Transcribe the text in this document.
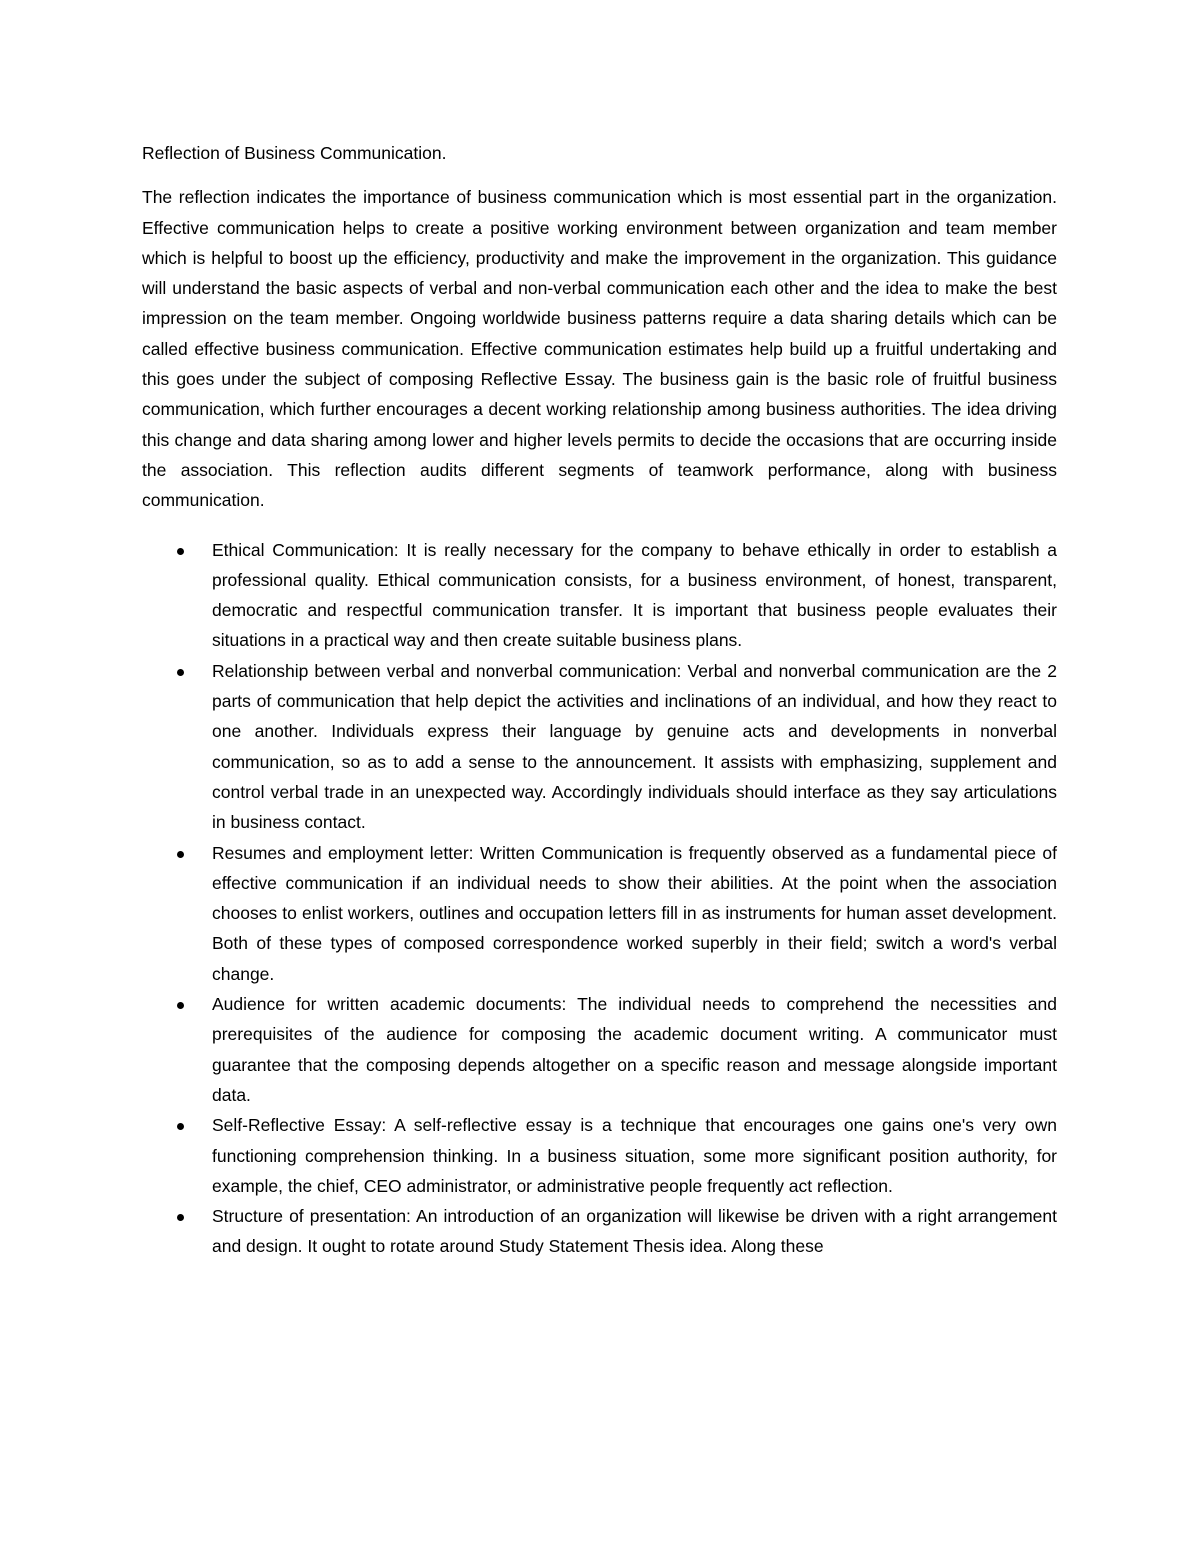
Reflection of Business Communication.

The reflection indicates the importance of business communication which is most essential part in the organization. Effective communication helps to create a positive working environment between organization and team member which is helpful to boost up the efficiency, productivity and make the improvement in the organization. This guidance will understand the basic aspects of verbal and non-verbal communication each other and the idea to make the best impression on the team member. Ongoing worldwide business patterns require a data sharing details which can be called effective business communication. Effective communication estimates help build up a fruitful undertaking and this goes under the subject of composing Reflective Essay. The business gain is the basic role of fruitful business communication, which further encourages a decent working relationship among business authorities. The idea driving this change and data sharing among lower and higher levels permits to decide the occasions that are occurring inside the association. This reflection audits different segments of teamwork performance, along with business communication.

Ethical Communication: It is really necessary for the company to behave ethically in order to establish a professional quality. Ethical communication consists, for a business environment, of honest, transparent, democratic and respectful communication transfer. It is important that business people evaluates their situations in a practical way and then create suitable business plans.
Relationship between verbal and nonverbal communication: Verbal and nonverbal communication are the 2 parts of communication that help depict the activities and inclinations of an individual, and how they react to one another. Individuals express their language by genuine acts and developments in nonverbal communication, so as to add a sense to the announcement. It assists with emphasizing, supplement and control verbal trade in an unexpected way. Accordingly individuals should interface as they say articulations in business contact.
Resumes and employment letter: Written Communication is frequently observed as a fundamental piece of effective communication if an individual needs to show their abilities. At the point when the association chooses to enlist workers, outlines and occupation letters fill in as instruments for human asset development. Both of these types of composed correspondence worked superbly in their field; switch a word's verbal change.
Audience for written academic documents: The individual needs to comprehend the necessities and prerequisites of the audience for composing the academic document writing. A communicator must guarantee that the composing depends altogether on a specific reason and message alongside important data.
Self-Reflective Essay: A self-reflective essay is a technique that encourages one gains one's very own functioning comprehension thinking. In a business situation, some more significant position authority, for example, the chief, CEO administrator, or administrative people frequently act reflection.
Structure of presentation: An introduction of an organization will likewise be driven with a right arrangement and design. It ought to rotate around Study Statement Thesis idea. Along these
